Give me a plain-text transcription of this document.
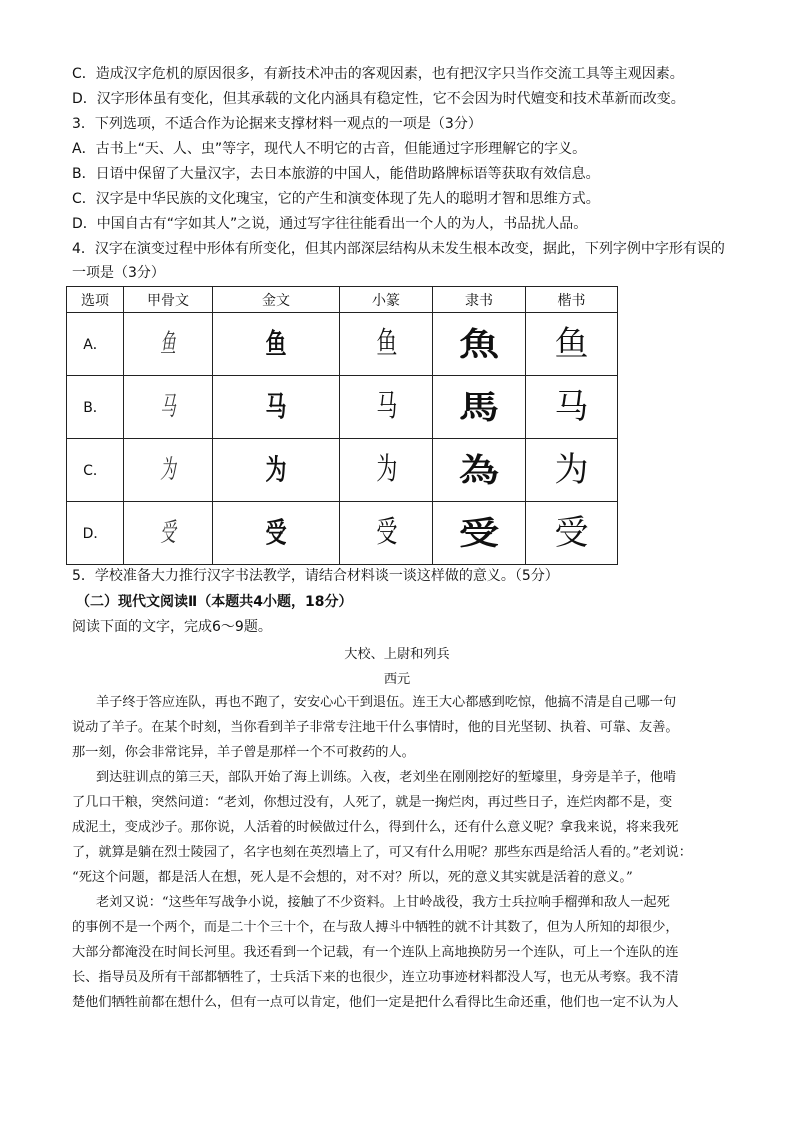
C．造成汉字危机的原因很多，有新技术冲击的客观因素，也有把汉字只当作交流工具等主观因素。
D．汉字形体虽有变化，但其承载的文化内涵具有稳定性，它不会因为时代嬗变和技术革新而改变。
3．下列选项，不适合作为论据来支撑材料一观点的一项是（3分）
A．古书上“天、人、虫”等字，现代人不明它的古音，但能通过字形理解它的字义。
B．日语中保留了大量汉字，去日本旅游的中国人，能借助路牌标语等获取有效信息。
C．汉字是中华民族的文化瑰宝，它的产生和演变体现了先人的聪明才智和思维方式。
D．中国自古有“字如其人”之说，通过写字往往能看出一个人的为人，书品扰人品。
4．汉字在演变过程中形体有所变化，但其内部深层结构从未发生根本改变，据此，下列字例中字形有误的
一项是（3分）
选项	甲骨文	金文	小篆	隶书	楷书
A．	鱼	鱼	鱼	魚	鱼
B．	马	马	马	馬	马
C．	为	为	为	為	为
D．	受	受	受	受	受
5．学校准备大力推行汉字书法教学，请结合材料谈一谈这样做的意义。（5分）
（二）现代文阅读Ⅱ（本题共4小题，18分）
阅读下面的文字，完成6～9题。
大校、上尉和列兵
西元
羊子终于答应连队，再也不跑了，安安心心干到退伍。连王大心都感到吃惊，他搞不清是自己哪一句
说动了羊子。在某个时刻，当你看到羊子非常专注地干什么事情时，他的目光坚韧、执着、可靠、友善。
那一刻，你会非常诧异，羊子曾是那样一个不可救药的人。
到达驻训点的第三天，部队开始了海上训练。入夜，老刘坐在刚刚挖好的堑壕里，身旁是羊子，他啃
了几口干粮，突然问道：“老刘，你想过没有，人死了，就是一掬烂肉，再过些日子，连烂肉都不是，变
成泥土，变成沙子。那你说，人活着的时候做过什么，得到什么，还有什么意义呢？拿我来说，将来我死
了，就算是躺在烈士陵园了，名字也刻在英烈墙上了，可又有什么用呢？那些东西是给活人看的。”老刘说：
“死这个问题，都是活人在想，死人是不会想的，对不对？所以，死的意义其实就是活着的意义。”
老刘又说：“这些年写战争小说，接触了不少资料。上甘岭战役，我方士兵拉响手榴弹和敌人一起死
的事例不是一个两个，而是二十个三十个，在与敌人搏斗中牺牲的就不计其数了，但为人所知的却很少，
大部分都淹没在时间长河里。我还看到一个记载，有一个连队上高地换防另一个连队，可上一个连队的连
长、指导员及所有干部都牺牲了，士兵活下来的也很少，连立功事迹材料都没人写，也无从考察。我不清
楚他们牺牲前都在想什么，但有一点可以肯定，他们一定是把什么看得比生命还重，他们也一定不认为人
